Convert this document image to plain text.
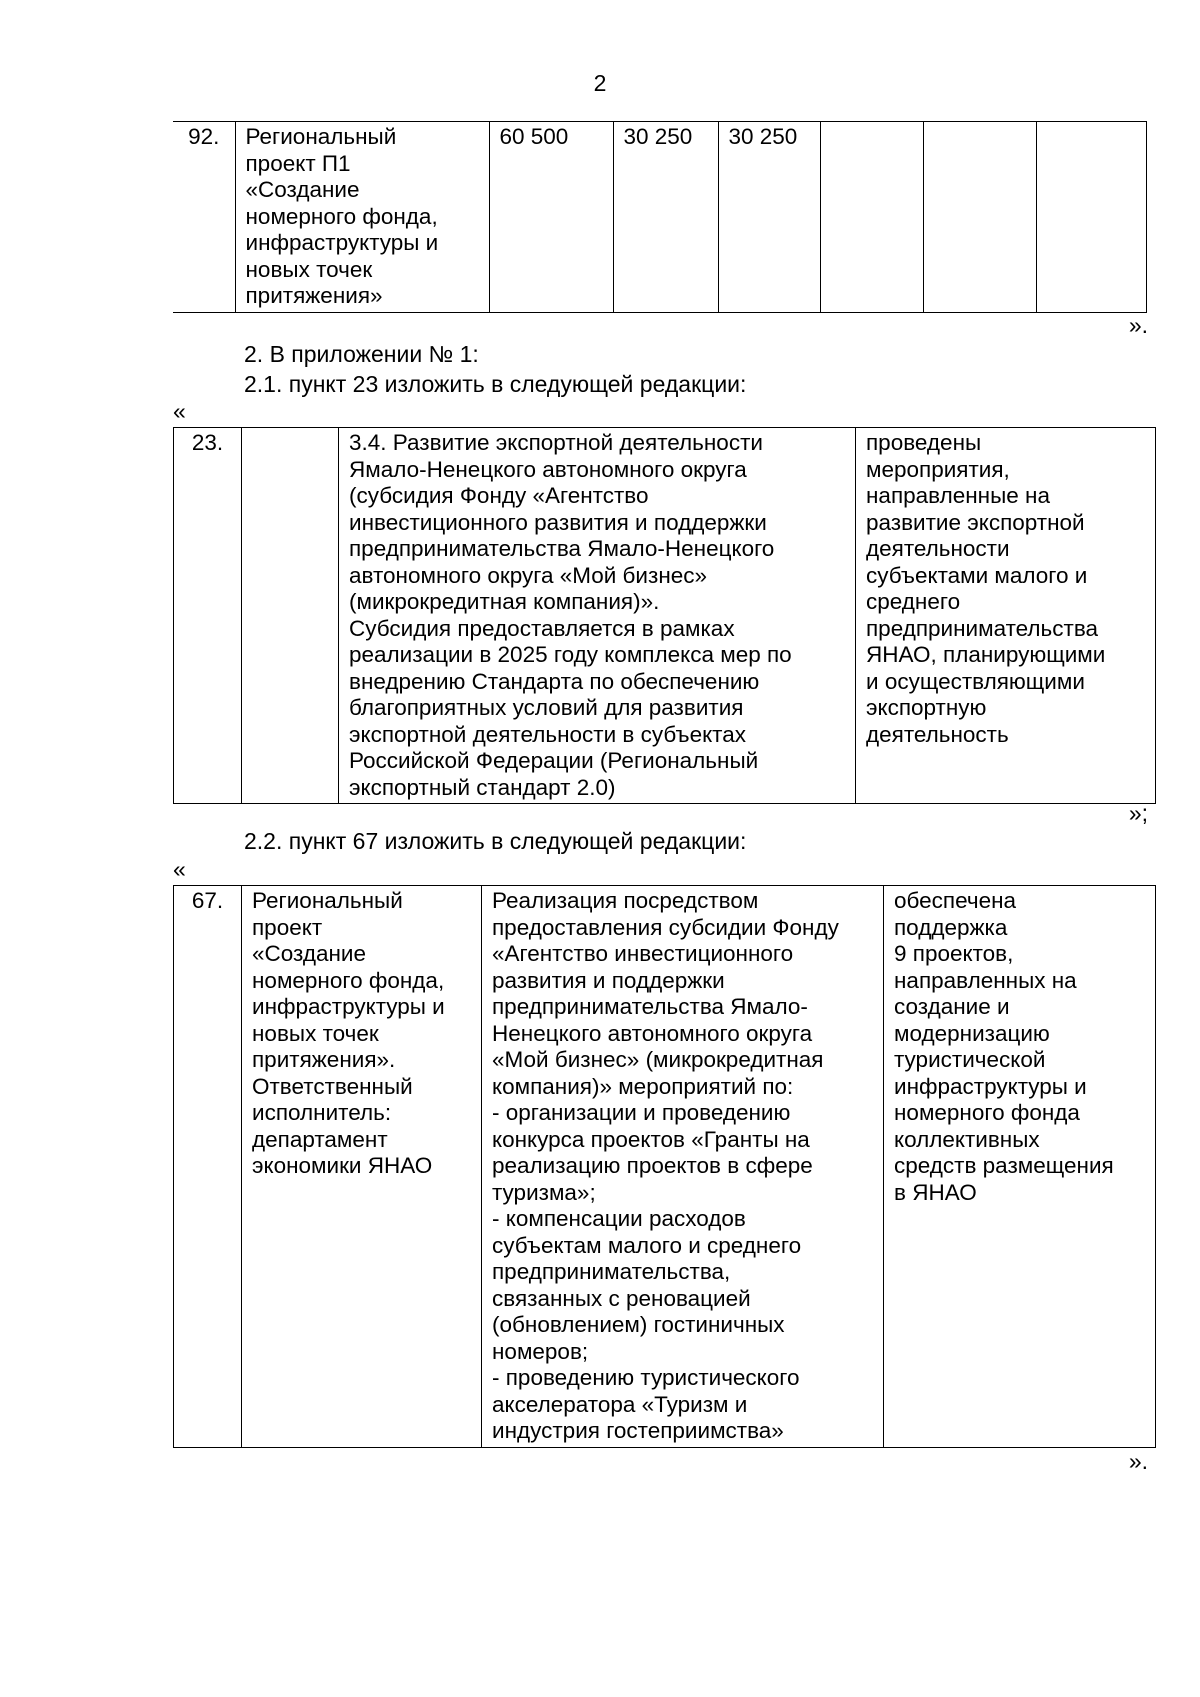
2
92.	Региональный
проект П1
«Создание
номерного фонда,
инфраструктуры и
новых точек
притяжения»	60 500	30 250	30 250			
».
2. В приложении № 1:
2.1. пункт 23 изложить в следующей редакции:
«
23.		3.4. Развитие экспортной деятельности
Ямало-Ненецкого автономного округа
(субсидия Фонду «Агентство
инвестиционного развития и поддержки
предпринимательства Ямало-Ненецкого
автономного округа «Мой бизнес»
(микрокредитная компания)».
Субсидия предоставляется в рамках
реализации в 2025 году комплекса мер по
внедрению Стандарта по обеспечению
благоприятных условий для развития
экспортной деятельности в субъектах
Российской Федерации (Региональный
экспортный стандарт 2.0)	проведены
мероприятия,
направленные на
развитие экспортной
деятельности
субъектами малого и
среднего
предпринимательства
ЯНАО, планирующими
и осуществляющими
экспортную
деятельность
»;
2.2. пункт 67 изложить в следующей редакции:
«
67.	Региональный
проект
«Создание
номерного фонда,
инфраструктуры и
новых точек
притяжения».
Ответственный
исполнитель:
департамент
экономики ЯНАО	Реализация посредством
предоставления субсидии Фонду
«Агентство инвестиционного
развития и поддержки
предпринимательства Ямало-
Ненецкого автономного округа
«Мой бизнес» (микрокредитная
компания)» мероприятий по:
- организации и проведению
конкурса проектов «Гранты на
реализацию проектов в сфере
туризма»;
- компенсации расходов
субъектам малого и среднего
предпринимательства,
связанных с реновацией
(обновлением) гостиничных
номеров;
- проведению туристического
акселератора «Туризм и
индустрия гостеприимства»	обеспечена
поддержка
9 проектов,
направленных на
создание и
модернизацию
туристической
инфраструктуры и
номерного фонда
коллективных
средств размещения
в ЯНАО
».
